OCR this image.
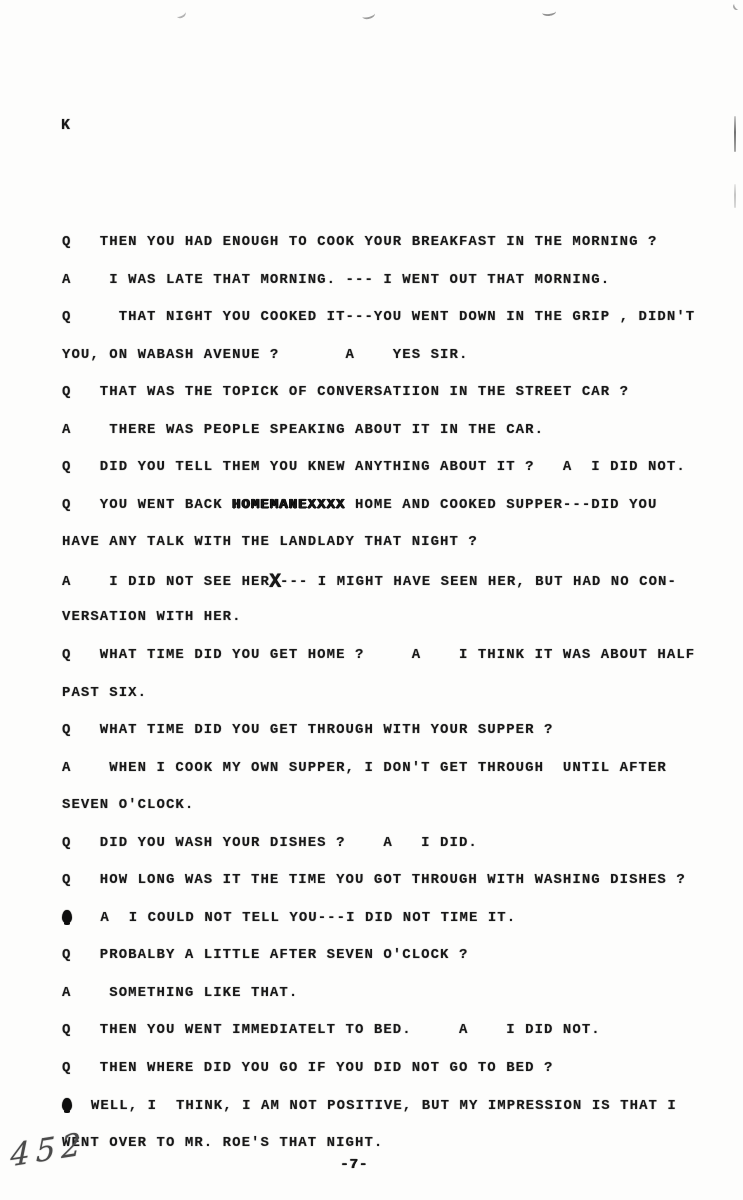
K
Q   THEN YOU HAD ENOUGH TO COOK YOUR BREAKFAST IN THE MORNING ?
A    I WAS LATE THAT MORNING. --- I WENT OUT THAT MORNING.
Q     THAT NIGHT YOU COOKED IT---YOU WENT DOWN IN THE GRIP , DIDN'T
YOU, ON WABASH AVENUE ?       A    YES SIR.
Q   THAT WAS THE TOPICK OF CONVERSATIION IN THE STREET CAR ?
A    THERE WAS PEOPLE SPEAKING ABOUT IT IN THE CAR.
Q   DID YOU TELL THEM YOU KNEW ANYTHING ABOUT IT ?   A  I DID NOT.
Q   YOU WENT BACK HOMEMANEXXXX HOME AND COOKED SUPPER---DID YOU
HAVE ANY TALK WITH THE LANDLADY THAT NIGHT ?
A    I DID NOT SEE HERX--- I MIGHT HAVE SEEN HER, BUT HAD NO CON-
VERSATION WITH HER.
Q   WHAT TIME DID YOU GET HOME ?     A    I THINK IT WAS ABOUT HALF
PAST SIX.
Q   WHAT TIME DID YOU GET THROUGH WITH YOUR SUPPER ?
A    WHEN I COOK MY OWN SUPPER, I DON'T GET THROUGH  UNTIL AFTER
SEVEN O'CLOCK.
Q   DID YOU WASH YOUR DISHES ?    A   I DID.
Q   HOW LONG WAS IT THE TIME YOU GOT THROUGH WITH WASHING DISHES ?
A  I COULD NOT TELL YOU---I DID NOT TIME IT.
Q   PROBALBY A LITTLE AFTER SEVEN O'CLOCK ?
A    SOMETHING LIKE THAT.
Q   THEN YOU WENT IMMEDIATELT TO BED.     A    I DID NOT.
Q   THEN WHERE DID YOU GO IF YOU DID NOT GO TO BED ?
WELL, I  THINK, I AM NOT POSITIVE, BUT MY IMPRESSION IS THAT I
WENT OVER TO MR. ROE'S THAT NIGHT.
452	-7-
